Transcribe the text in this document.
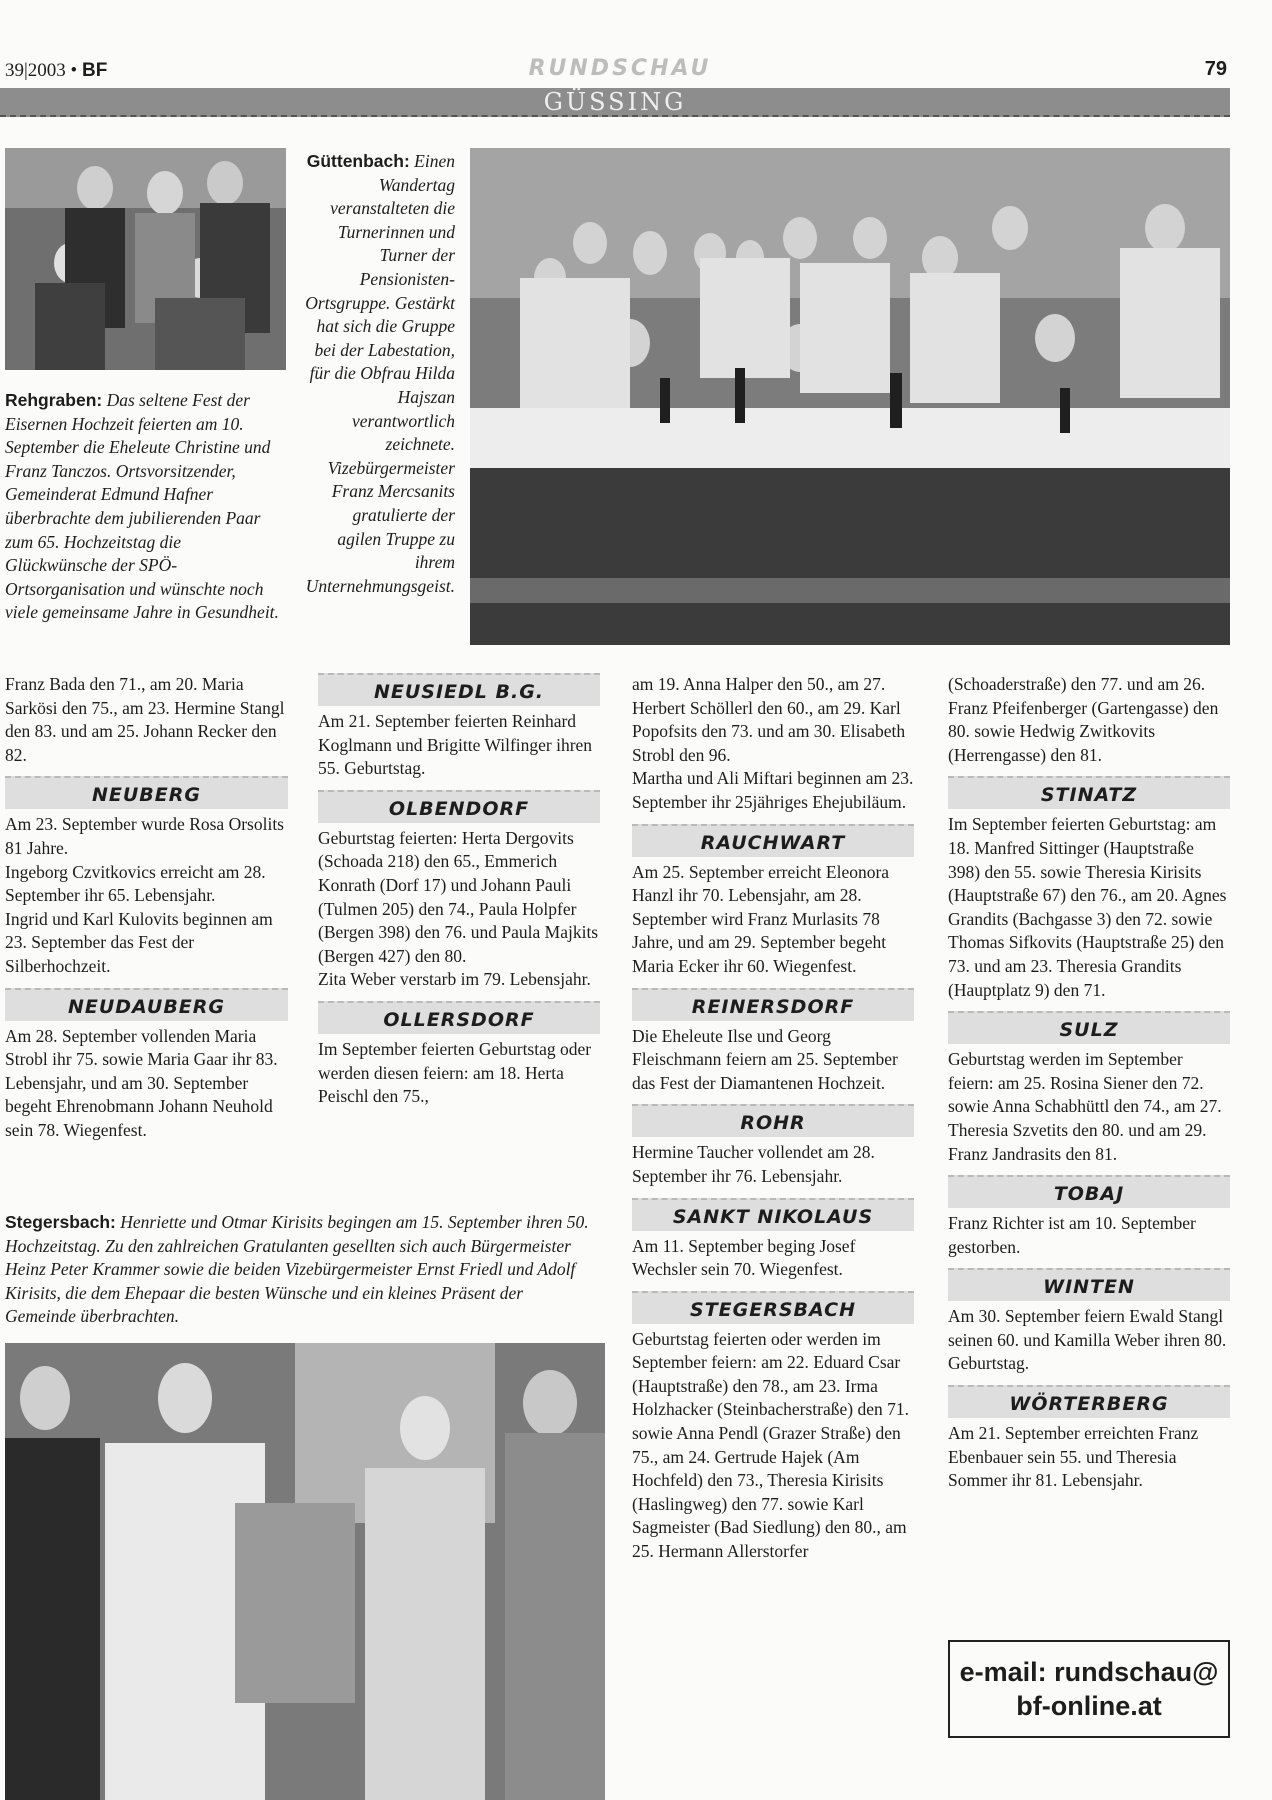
39|2003 • BF	RUNDSCHAU	79
GÜSSING
Rehgraben: Das seltene Fest der Eisernen Hochzeit feierten am 10. September die Eheleute Christine und Franz Tanczos. Ortsvorsitzender, Gemeinderat Edmund Hafner überbrachte dem jubilierenden Paar zum 65. Hochzeitstag die Glückwünsche der SPÖ-Ortsorganisation und wünschte noch viele gemeinsame Jahre in Gesundheit.
Güttenbach: Einen Wandertag veranstalteten die Turnerinnen und Turner der Pensionisten-Ortsgruppe. Gestärkt hat sich die Gruppe bei der Labestation, für die Obfrau Hilda Hajszan verantwortlich zeichnete. Vizebürgermeister Franz Mercsanits gratulierte der agilen Truppe zu ihrem Unternehmungsgeist.
Stegersbach: Henriette und Otmar Kirisits begingen am 15. September ihren 50. Hochzeitstag. Zu den zahlreichen Gratulanten gesellten sich auch Bürgermeister Heinz Peter Krammer sowie die beiden Vizebürgermeister Ernst Friedl und Adolf Kirisits, die dem Ehepaar die besten Wünsche und ein kleines Präsent der Gemeinde überbrachten.

Franz Bada den 71., am 20. Maria Sarkösi den 75., am 23. Hermine Stangl den 83. und am 25. Johann Recker den 82.

NEUBERG

Am 23. September wurde Rosa Orsolits 81 Jahre.

Ingeborg Czvitkovics erreicht am 28. September ihr 65. Lebensjahr.

Ingrid und Karl Kulovits beginnen am 23. September das Fest der Silberhochzeit.

NEUDAUBERG

Am 28. September vollenden Maria Strobl ihr 75. sowie Maria Gaar ihr 83. Lebensjahr, und am 30. September begeht Ehrenobmann Johann Neuhold sein 78. Wiegenfest.

NEUSIEDL B.G.

Am 21. September feierten Reinhard Koglmann und Brigitte Wilfinger ihren 55. Geburtstag.

OLBENDORF

Geburtstag feierten: Herta Dergovits (Schoada 218) den 65., Emmerich Konrath (Dorf 17) und Johann Pauli (Tulmen 205) den 74., Paula Holpfer (Bergen 398) den 76. und Paula Majkits (Bergen 427) den 80.

Zita Weber verstarb im 79. Lebensjahr.

OLLERSDORF

Im September feierten Geburtstag oder werden diesen feiern: am 18. Herta Peischl den 75.,

am 19. Anna Halper den 50., am 27. Herbert Schöllerl den 60., am 29. Karl Popofsits den 73. und am 30. Elisabeth Strobl den 96.

Martha und Ali Miftari beginnen am 23. September ihr 25jähriges Ehejubiläum.

RAUCHWART

Am 25. September erreicht Eleonora Hanzl ihr 70. Lebensjahr, am 28. September wird Franz Murlasits 78 Jahre, und am 29. September begeht Maria Ecker ihr 60. Wiegenfest.

REINERSDORF

Die Eheleute Ilse und Georg Fleischmann feiern am 25. September das Fest der Diamantenen Hochzeit.

ROHR

Hermine Taucher vollendet am 28. September ihr 76. Lebensjahr.

SANKT NIKOLAUS

Am 11. September beging Josef Wechsler sein 70. Wiegenfest.

STEGERSBACH

Geburtstag feierten oder werden im September feiern: am 22. Eduard Csar (Hauptstraße) den 78., am 23. Irma Holzhacker (Steinbacherstraße) den 71. sowie Anna Pendl (Grazer Straße) den 75., am 24. Gertrude Hajek (Am Hochfeld) den 73., Theresia Kirisits (Haslingweg) den 77. sowie Karl Sagmeister (Bad Siedlung) den 80., am 25. Hermann Allerstorfer

(Schoaderstraße) den 77. und am 26. Franz Pfeifenberger (Gartengasse) den 80. sowie Hedwig Zwitkovits (Herrengasse) den 81.

STINATZ

Im September feierten Geburtstag: am 18. Manfred Sittinger (Hauptstraße 398) den 55. sowie Theresia Kirisits (Hauptstraße 67) den 76., am 20. Agnes Grandits (Bachgasse 3) den 72. sowie Thomas Sifkovits (Hauptstraße 25) den 73. und am 23. Theresia Grandits (Hauptplatz 9) den 71.

SULZ

Geburtstag werden im September feiern: am 25. Rosina Siener den 72. sowie Anna Schabhüttl den 74., am 27. Theresia Szvetits den 80. und am 29. Franz Jandrasits den 81.

TOBAJ

Franz Richter ist am 10. September gestorben.

WINTEN

Am 30. September feiern Ewald Stangl seinen 60. und Kamilla Weber ihren 80. Geburtstag.

WÖRTERBERG

Am 21. September erreichten Franz Ebenbauer sein 55. und Theresia Sommer ihr 81. Lebensjahr.

e-mail: rundschau@
bf-online.at
